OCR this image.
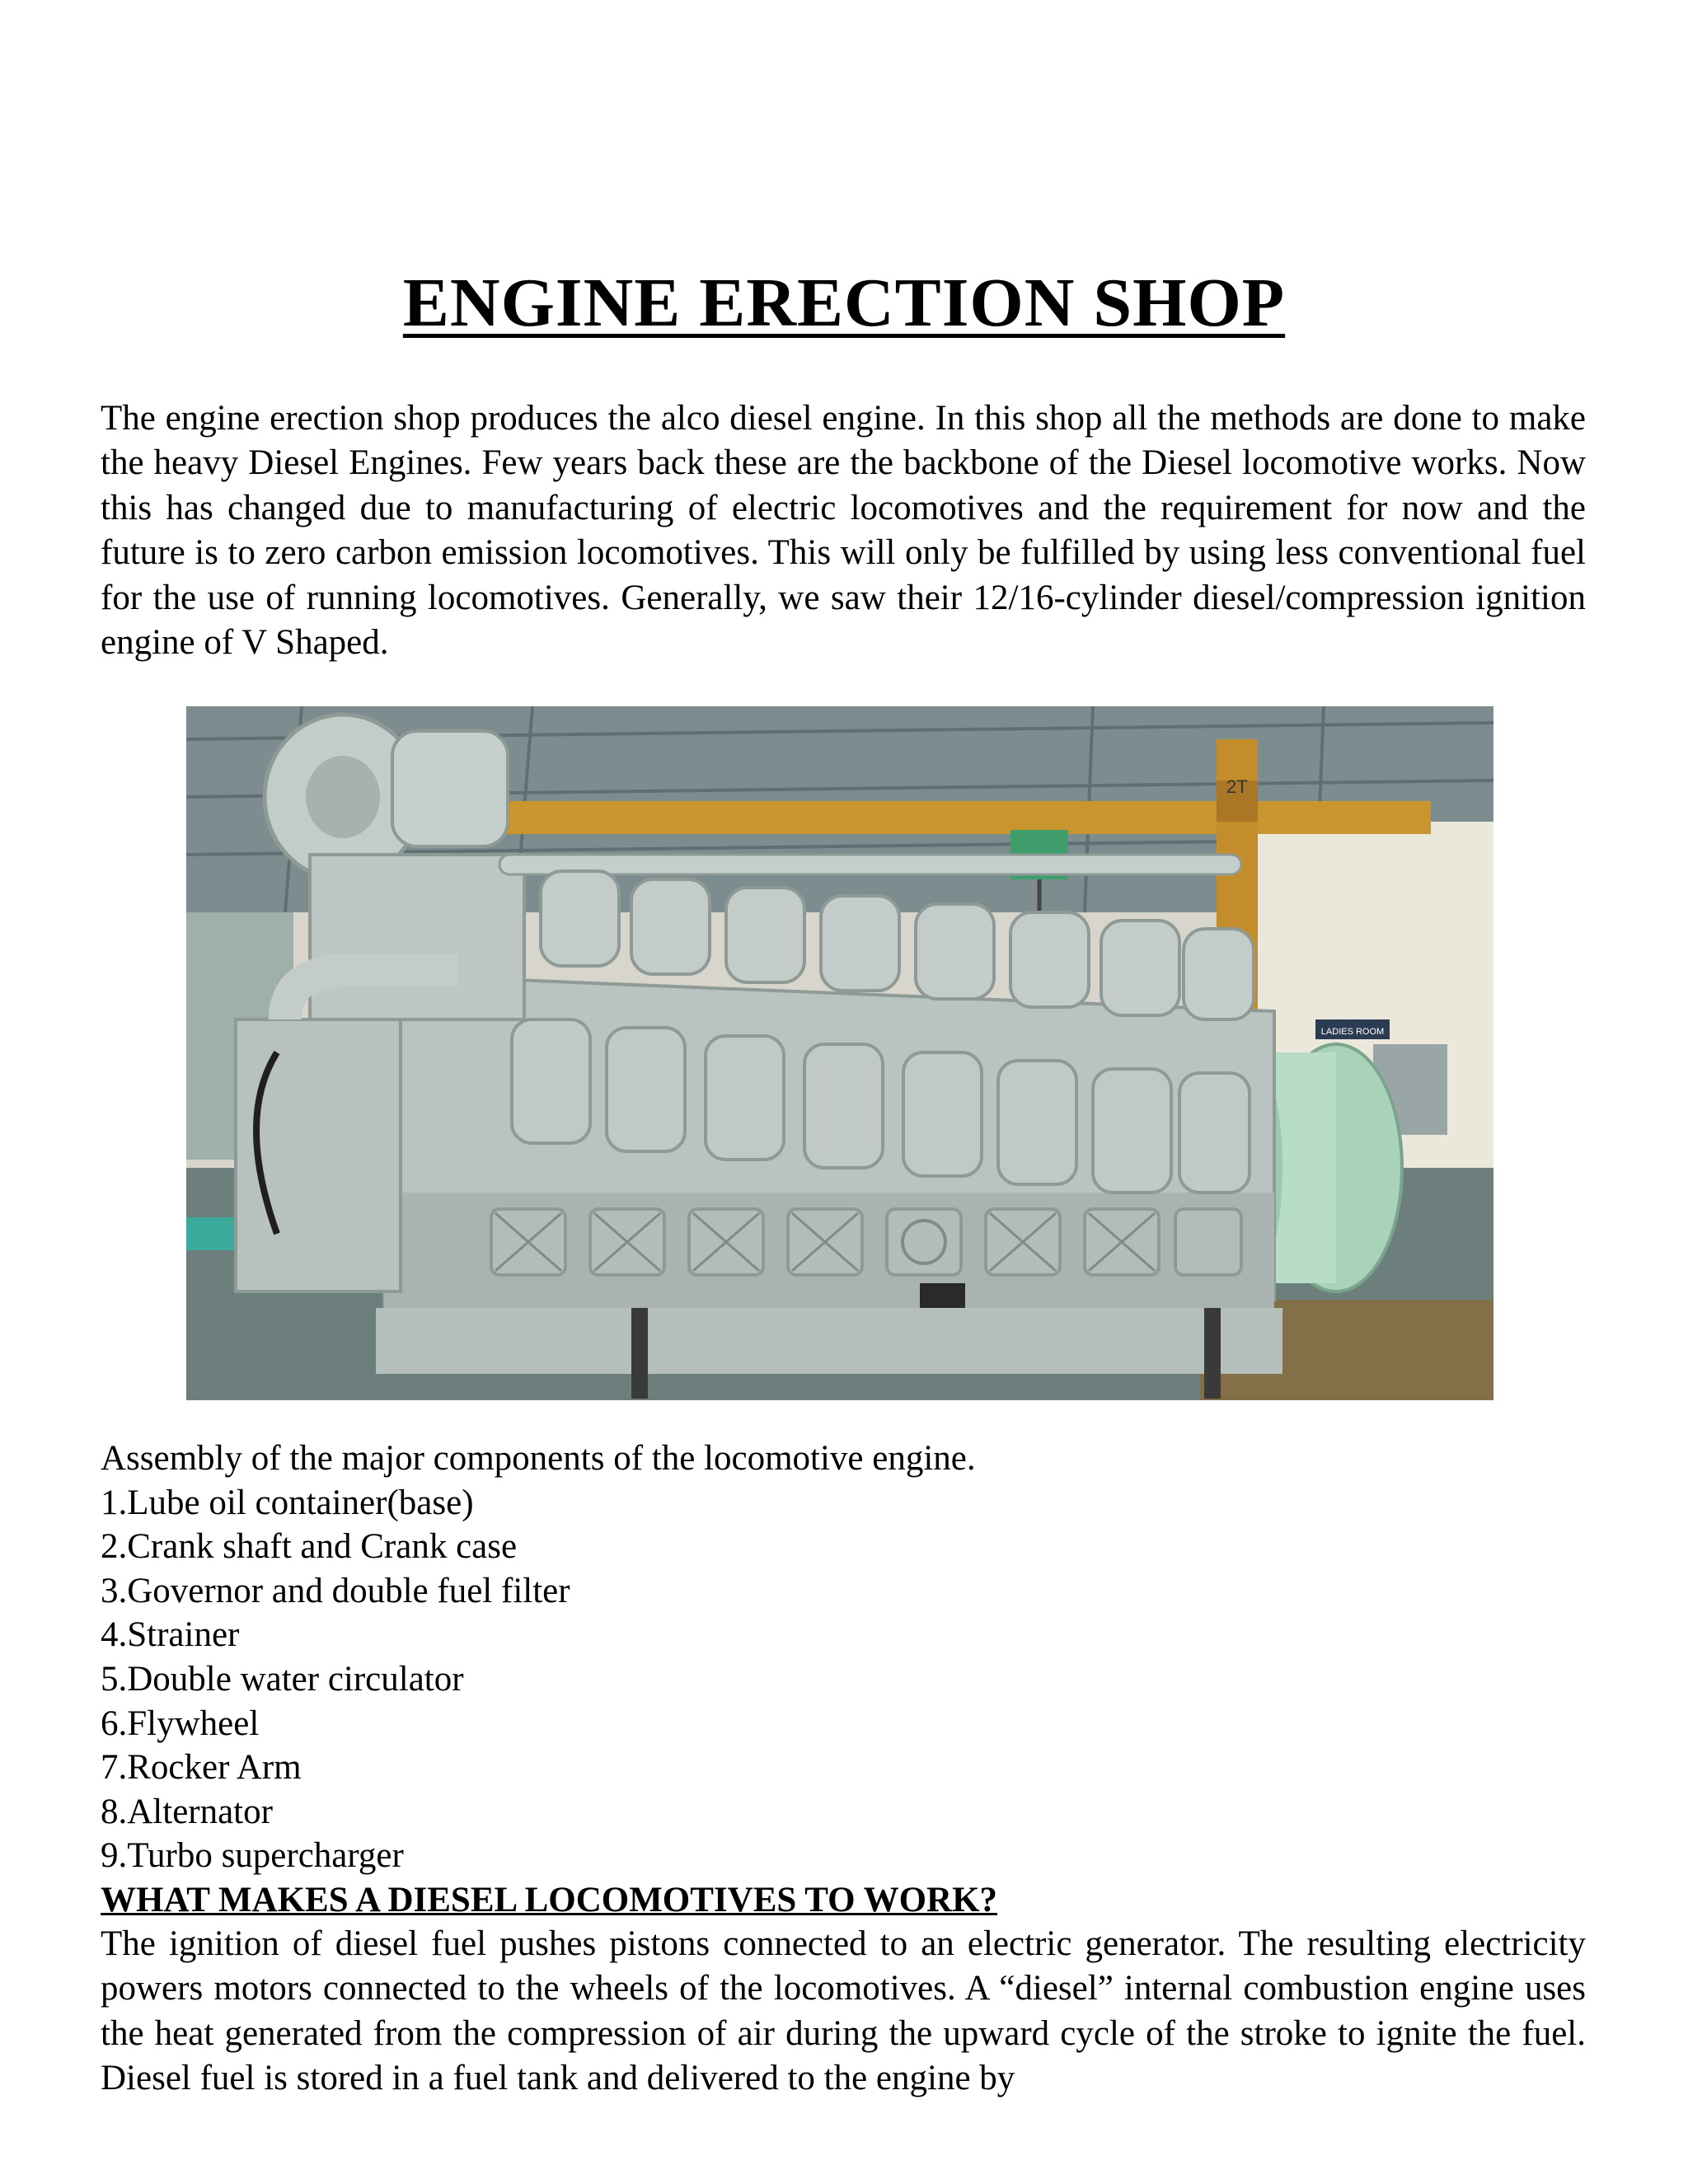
ENGINE ERECTION SHOP

The engine erection shop produces the alco diesel engine. In this shop all the methods are done to make the heavy Diesel Engines. Few years back these are the backbone of the Diesel locomotive works. Now this has changed due to manufacturing of electric locomotives and the requirement for now and the future is to zero carbon emission locomotives. This will only be fulfilled by using less conventional fuel for the use of running locomotives. Generally, we saw their 12/16-cylinder diesel/compression ignition engine of V Shaped.

LADIES ROOM
2T
Assembly of the major components of the locomotive engine.
1.Lube oil container(base)
2.Crank shaft and Crank case
3.Governor and double fuel filter
4.Strainer
5.Double water circulator
6.Flywheel
7.Rocker Arm
8.Alternator
9.Turbo supercharger
WHAT MAKES A DIESEL LOCOMOTIVES TO WORK?

The ignition of diesel fuel pushes pistons connected to an electric generator. The resulting electricity powers motors connected to the wheels of the locomotives. A “diesel” internal combustion engine uses the heat generated from the compression of air during the upward cycle of the stroke to ignite the fuel. Diesel fuel is stored in a fuel tank and delivered to the engine by
